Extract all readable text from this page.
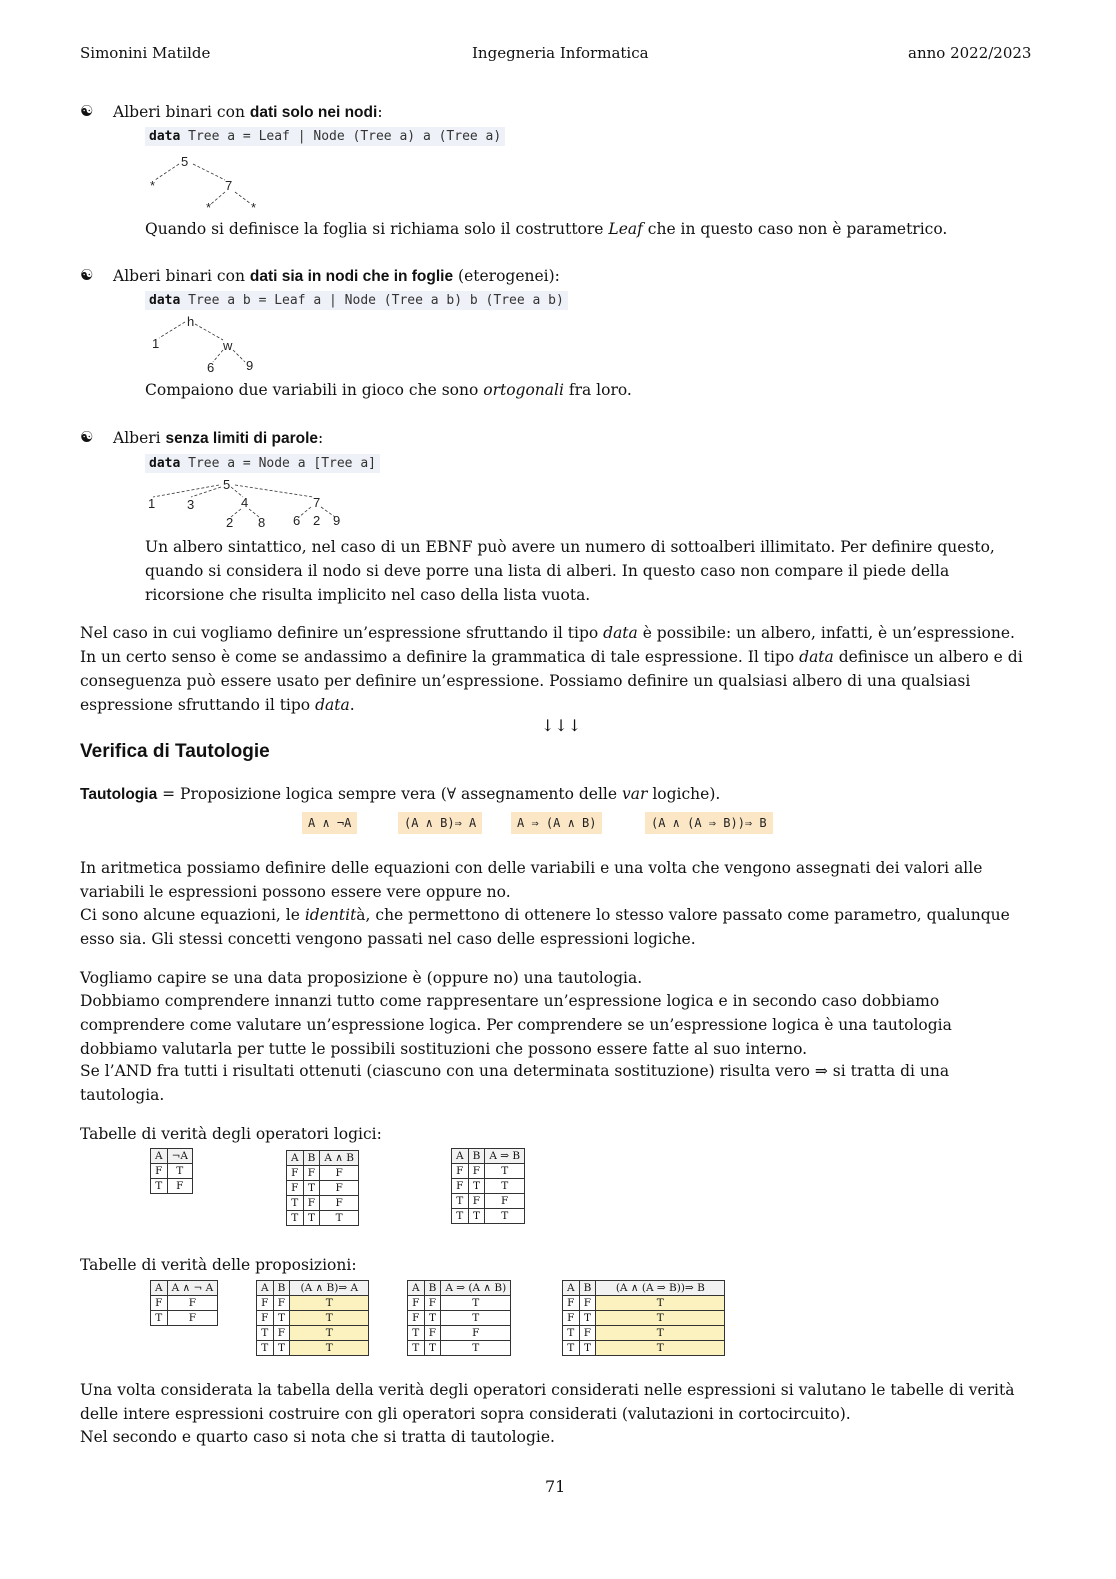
Simonini Matilde	Ingegneria Informatica	anno 2022/2023
☯ Alberi binari con dati solo nei nodi:

data Tree a = Leaf | Node (Tree a) a (Tree a)
5
*	7
*	*

Quando si definisce la foglia si richiama solo il costruttore Leaf che in questo caso non è parametrico.

☯ Alberi binari con dati sia in nodi che in foglie (eterogenei):

data Tree a b = Leaf a | Node (Tree a b) b (Tree a b)
h
1	w
6 9

Compaiono due variabili in gioco che sono ortogonali fra loro.

☯ Alberi senza limiti di parole:

data Tree a = Node a [Tree a]
5
1 3	4	7
2 8 6 2 9

Un albero sintattico, nel caso di un EBNF può avere un numero di sottoalberi illimitato. Per definire questo, quando si considera il nodo si deve porre una lista di alberi. In questo caso non compare il piede della ricorsione che risulta implicito nel caso della lista vuota.

Nel caso in cui vogliamo definire un’espressione sfruttando il tipo data è possibile: un albero, infatti, è un’espressione. In un certo senso è come se andassimo a definire la grammatica di tale espressione. Il tipo data definisce un albero e di conseguenza può essere usato per definire un’espressione. Possiamo definire un qualsiasi albero di una qualsiasi espressione sfruttando il tipo data.

↓↓↓
Verifica di Tautologie

Tautologia = Proposizione logica sempre vera (∀ assegnamento delle var logiche).

A ∧ ¬A	(A ∧ B)⇒ A	A ⇒ (A ∧ B)	(A ∧ (A ⇒ B))⇒ B

In aritmetica possiamo definire delle equazioni con delle variabili e una volta che vengono assegnati dei valori alle variabili le espressioni possono essere vere oppure no.

Ci sono alcune equazioni, le identità, che permettono di ottenere lo stesso valore passato come parametro, qualunque esso sia. Gli stessi concetti vengono passati nel caso delle espressioni logiche.

Vogliamo capire se una data proposizione è (oppure no) una tautologia.

Dobbiamo comprendere innanzi tutto come rappresentare un’espressione logica e in secondo caso dobbiamo comprendere come valutare un’espressione logica. Per comprendere se un’espressione logica è una tautologia dobbiamo valutarla per tutte le possibili sostituzioni che possono essere fatte al suo interno.

Se l’AND fra tutti i risultati ottenuti (ciascuno con una determinata sostituzione) risulta vero ⇒ si tratta di una tautologia.

Tabelle di verità degli operatori logici:

A	¬A
F	T
T	F
A	B	A ∧ B
F	F	F
F	T	F
T	F	F
T	T	T
A	B	A ⇒ B
F	F	T
F	T	T
T	F	F
T	T	T

Tabelle di verità delle proposizioni:

A	A ∧ ¬ A
F	F
T	F
A	B	(A ∧ B)⇒ A
F	F	T
F	T	T
T	F	T
T	T	T
A	B	A ⇒ (A ∧ B)
F	F	T
F	T	T
T	F	F
T	T	T
A	B	(A ∧ (A ⇒ B))⇒ B
F	F	T
F	T	T
T	F	T
T	T	T

Una volta considerata la tabella della verità degli operatori considerati nelle espressioni si valutano le tabelle di verità delle intere espressioni costruire con gli operatori sopra considerati (valutazioni in cortocircuito).

Nel secondo e quarto caso si nota che si tratta di tautologie.

71
